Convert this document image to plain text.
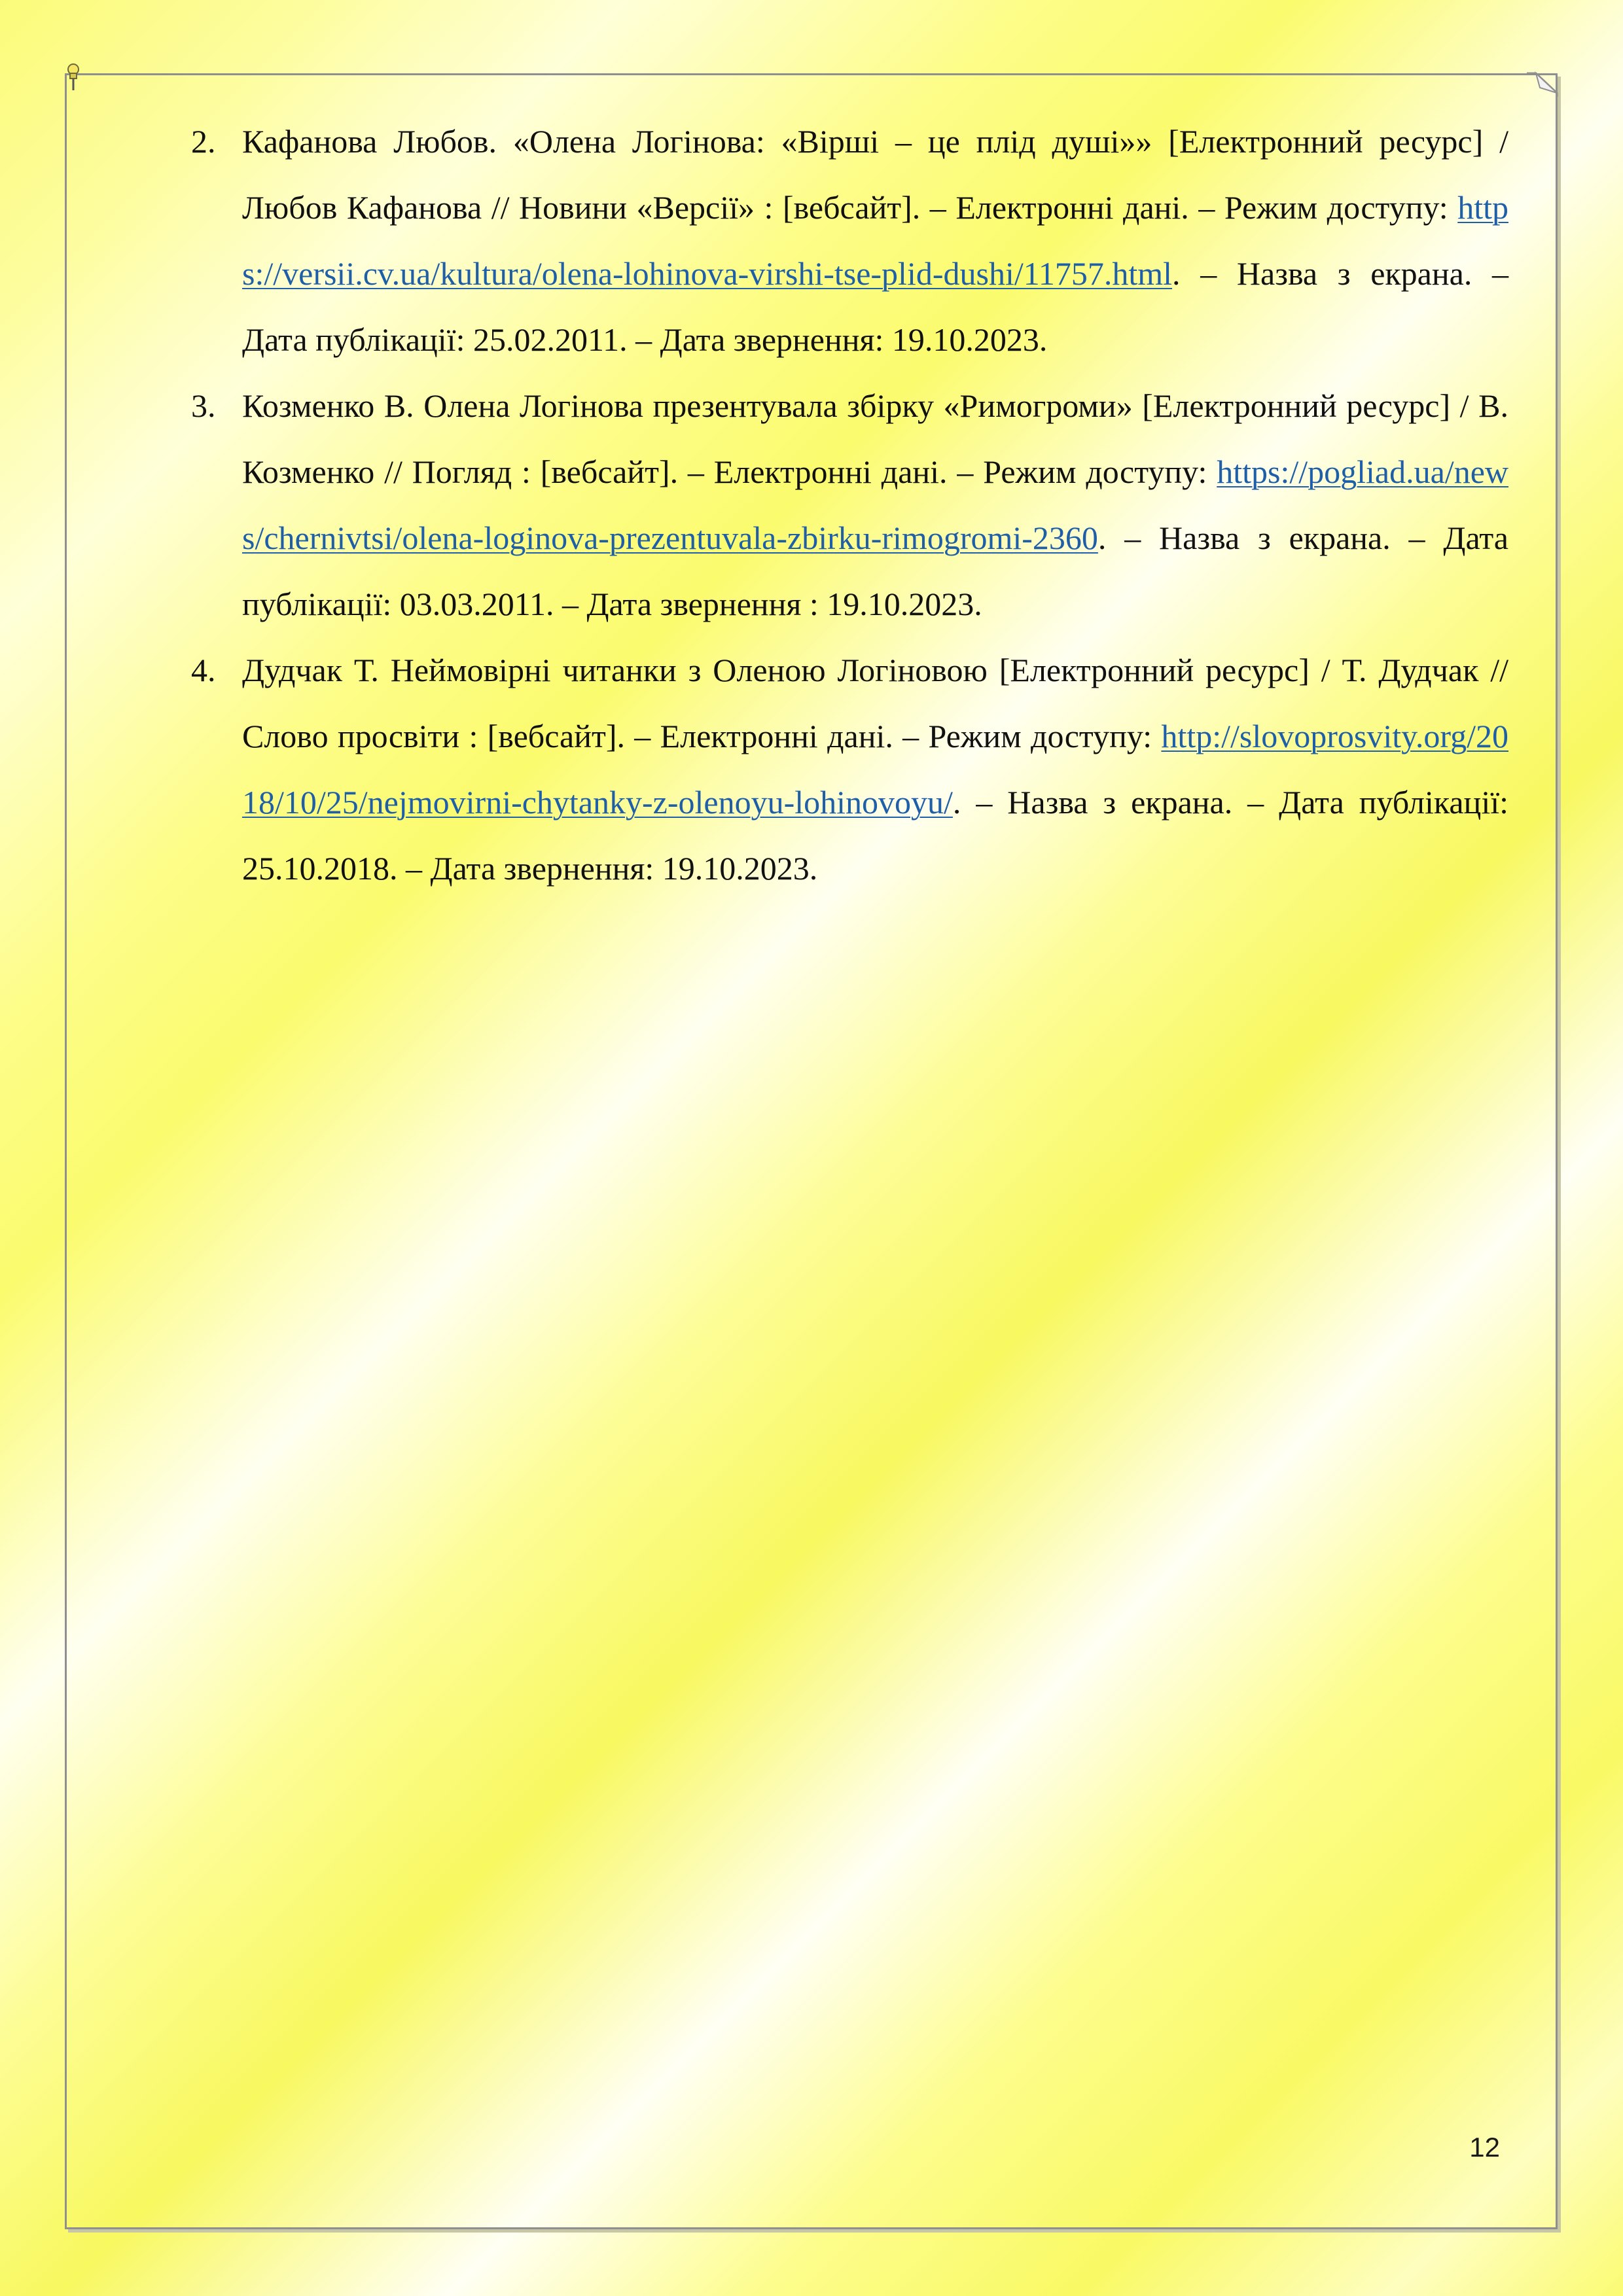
2. Кафанова Любов. «Олена Логінова: «Вірші – це плід душі»» [Електронний ресурс] / Любов Кафанова // Новини «Версії» : [вебсайт]. – Електронні дані. – Режим доступу: https://versii.cv.ua/kultura/olena-lohinova-virshi-tse-plid-dushi/11757.html. – Назва з екрана. – Дата публікації: 25.02.2011. – Дата звернення: 19.10.2023.
3. Козменко В. Олена Логінова презентувала збірку «Римогроми» [Електронний ресурс] / В. Козменко // Погляд : [вебсайт]. – Електронні дані. – Режим доступу: https://pogliad.ua/news/chernivtsi/olena-loginova-prezentuvala-zbirku-rimogromi-2360. – Назва з екрана. – Дата публікації: 03.03.2011. – Дата звернення : 19.10.2023.
4. Дудчак Т. Неймовірні читанки з Оленою Логіновою [Електронний ресурс] / Т. Дудчак // Слово просвіти : [вебсайт]. – Електронні дані. – Режим доступу: http://slovoprosvity.org/2018/10/25/nejmovirni-chytanky-z-olenoyu-lohinovoyu/. – Назва з екрана. – Дата публікації: 25.10.2018. – Дата звернення: 19.10.2023.
12
